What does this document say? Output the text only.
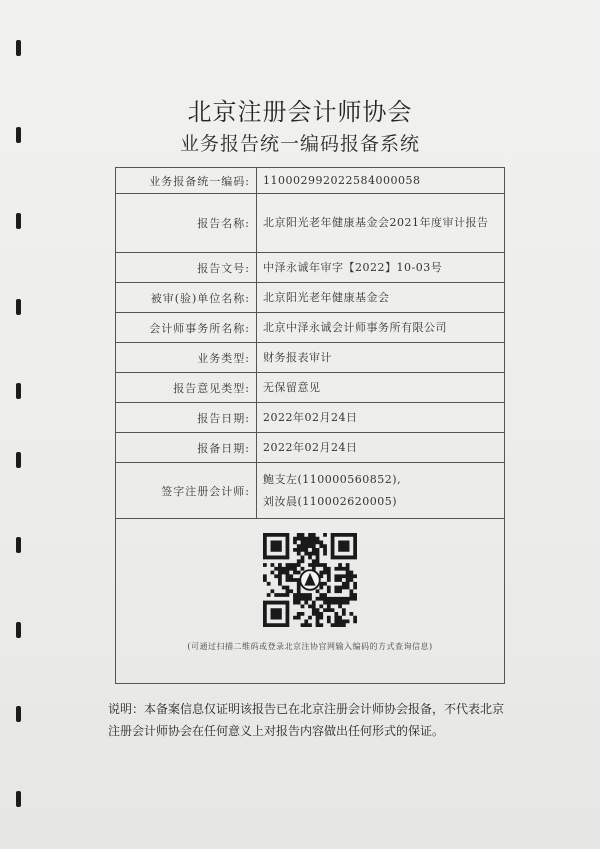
北京注册会计师协会
业务报告统一编码报备系统
业务报备统一编码:	110002992022584000058
报告名称:	北京阳光老年健康基金会2021年度审计报告
报告文号:	中泽永诚年审字【2022】10-03号
被审(验)单位名称:	北京阳光老年健康基金会
会计师事务所名称:	北京中泽永诚会计师事务所有限公司
业务类型:	财务报表审计
报告意见类型:	无保留意见
报告日期:	2022年02月24日
报备日期:	2022年02月24日
签字注册会计师:	鲍支左(110000560852),
刘汝晨(110002620005)

(可通过扫描二维码或登录北京注协官网输入编码的方式查询信息)	
说明：本备案信息仅证明该报告已在北京注册会计师协会报备，不代表北京注册会计师协会在任何意义上对报告内容做出任何形式的保证。
